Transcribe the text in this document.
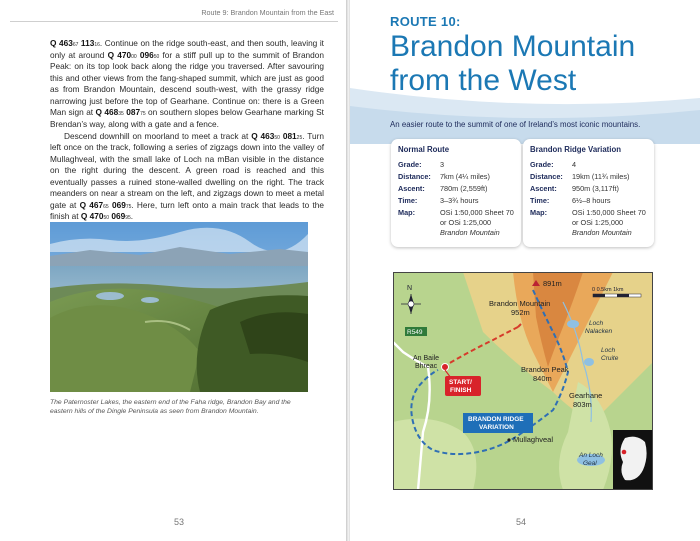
Route 9: Brandon Mountain from the East

Q 46367 11316. Continue on the ridge south-east, and then south, leaving it only at around Q 47000 09650 for a stiff pull up to the summit of Brandon Peak: on its top look back along the ridge you traversed. After savouring this and other views from the fang-shaped summit, which are just as good as from Brandon Mountain, descend south-west, with the grassy ridge narrowing just before the top of Gearhane. Continue on: there is a Green Man sign at Q 46835 08775 on southern slopes below Gearhane marking St Brendan’s way, along with a gate and a fence.

Descend downhill on moorland to meet a track at Q 46350 08125. Turn left once on the track, following a series of zigzags down into the valley of Mullaghveal, with the small lake of Loch na mBan visible in the distance on the right during the descent. A green road is reached and this eventually passes a ruined stone-walled dwelling on the right. The track meanders on near a stream on the left, and zigzags down to meet a metal gate at Q 46765 06975. Here, turn left onto a main track that leads to the finish at Q 47050 06995.

The Paternoster Lakes, the eastern end of the Faha ridge, Brandon Bay and the eastern hills of the Dingle Peninsula as seen from Brandon Mountain.
53
ROUTE 10:
Brandon Mountain
from the West
An easier route to the summit of one of Ireland’s most iconic mountains.
Normal Route
Grade:	3
Distance:	7km (4¼ miles)
Ascent:	780m (2,559ft)
Time:	3–3¾ hours
Map:	OSi 1:50,000 Sheet 70 or OSi 1:25,000 Brandon Mountain
Brandon Ridge Variation
Grade:	4
Distance:	19km (11¾ miles)
Ascent:	950m (3,117ft)
Time:	6½–8 hours
Map:	OSi 1:50,000 Sheet 70 or OSi 1:25,000 Brandon Mountain
N	0 0.5km 1km
891m
Brandon Mountain
952m
Loch
Nalacken
Loch
Cruite
R549
An Baile
Bhreac
START/
FINISH
Brandon Peak
840m
Gearhane
803m
BRANDON RIDGE
VARIATION
Mullaghveal
An Loch
Geal
54
